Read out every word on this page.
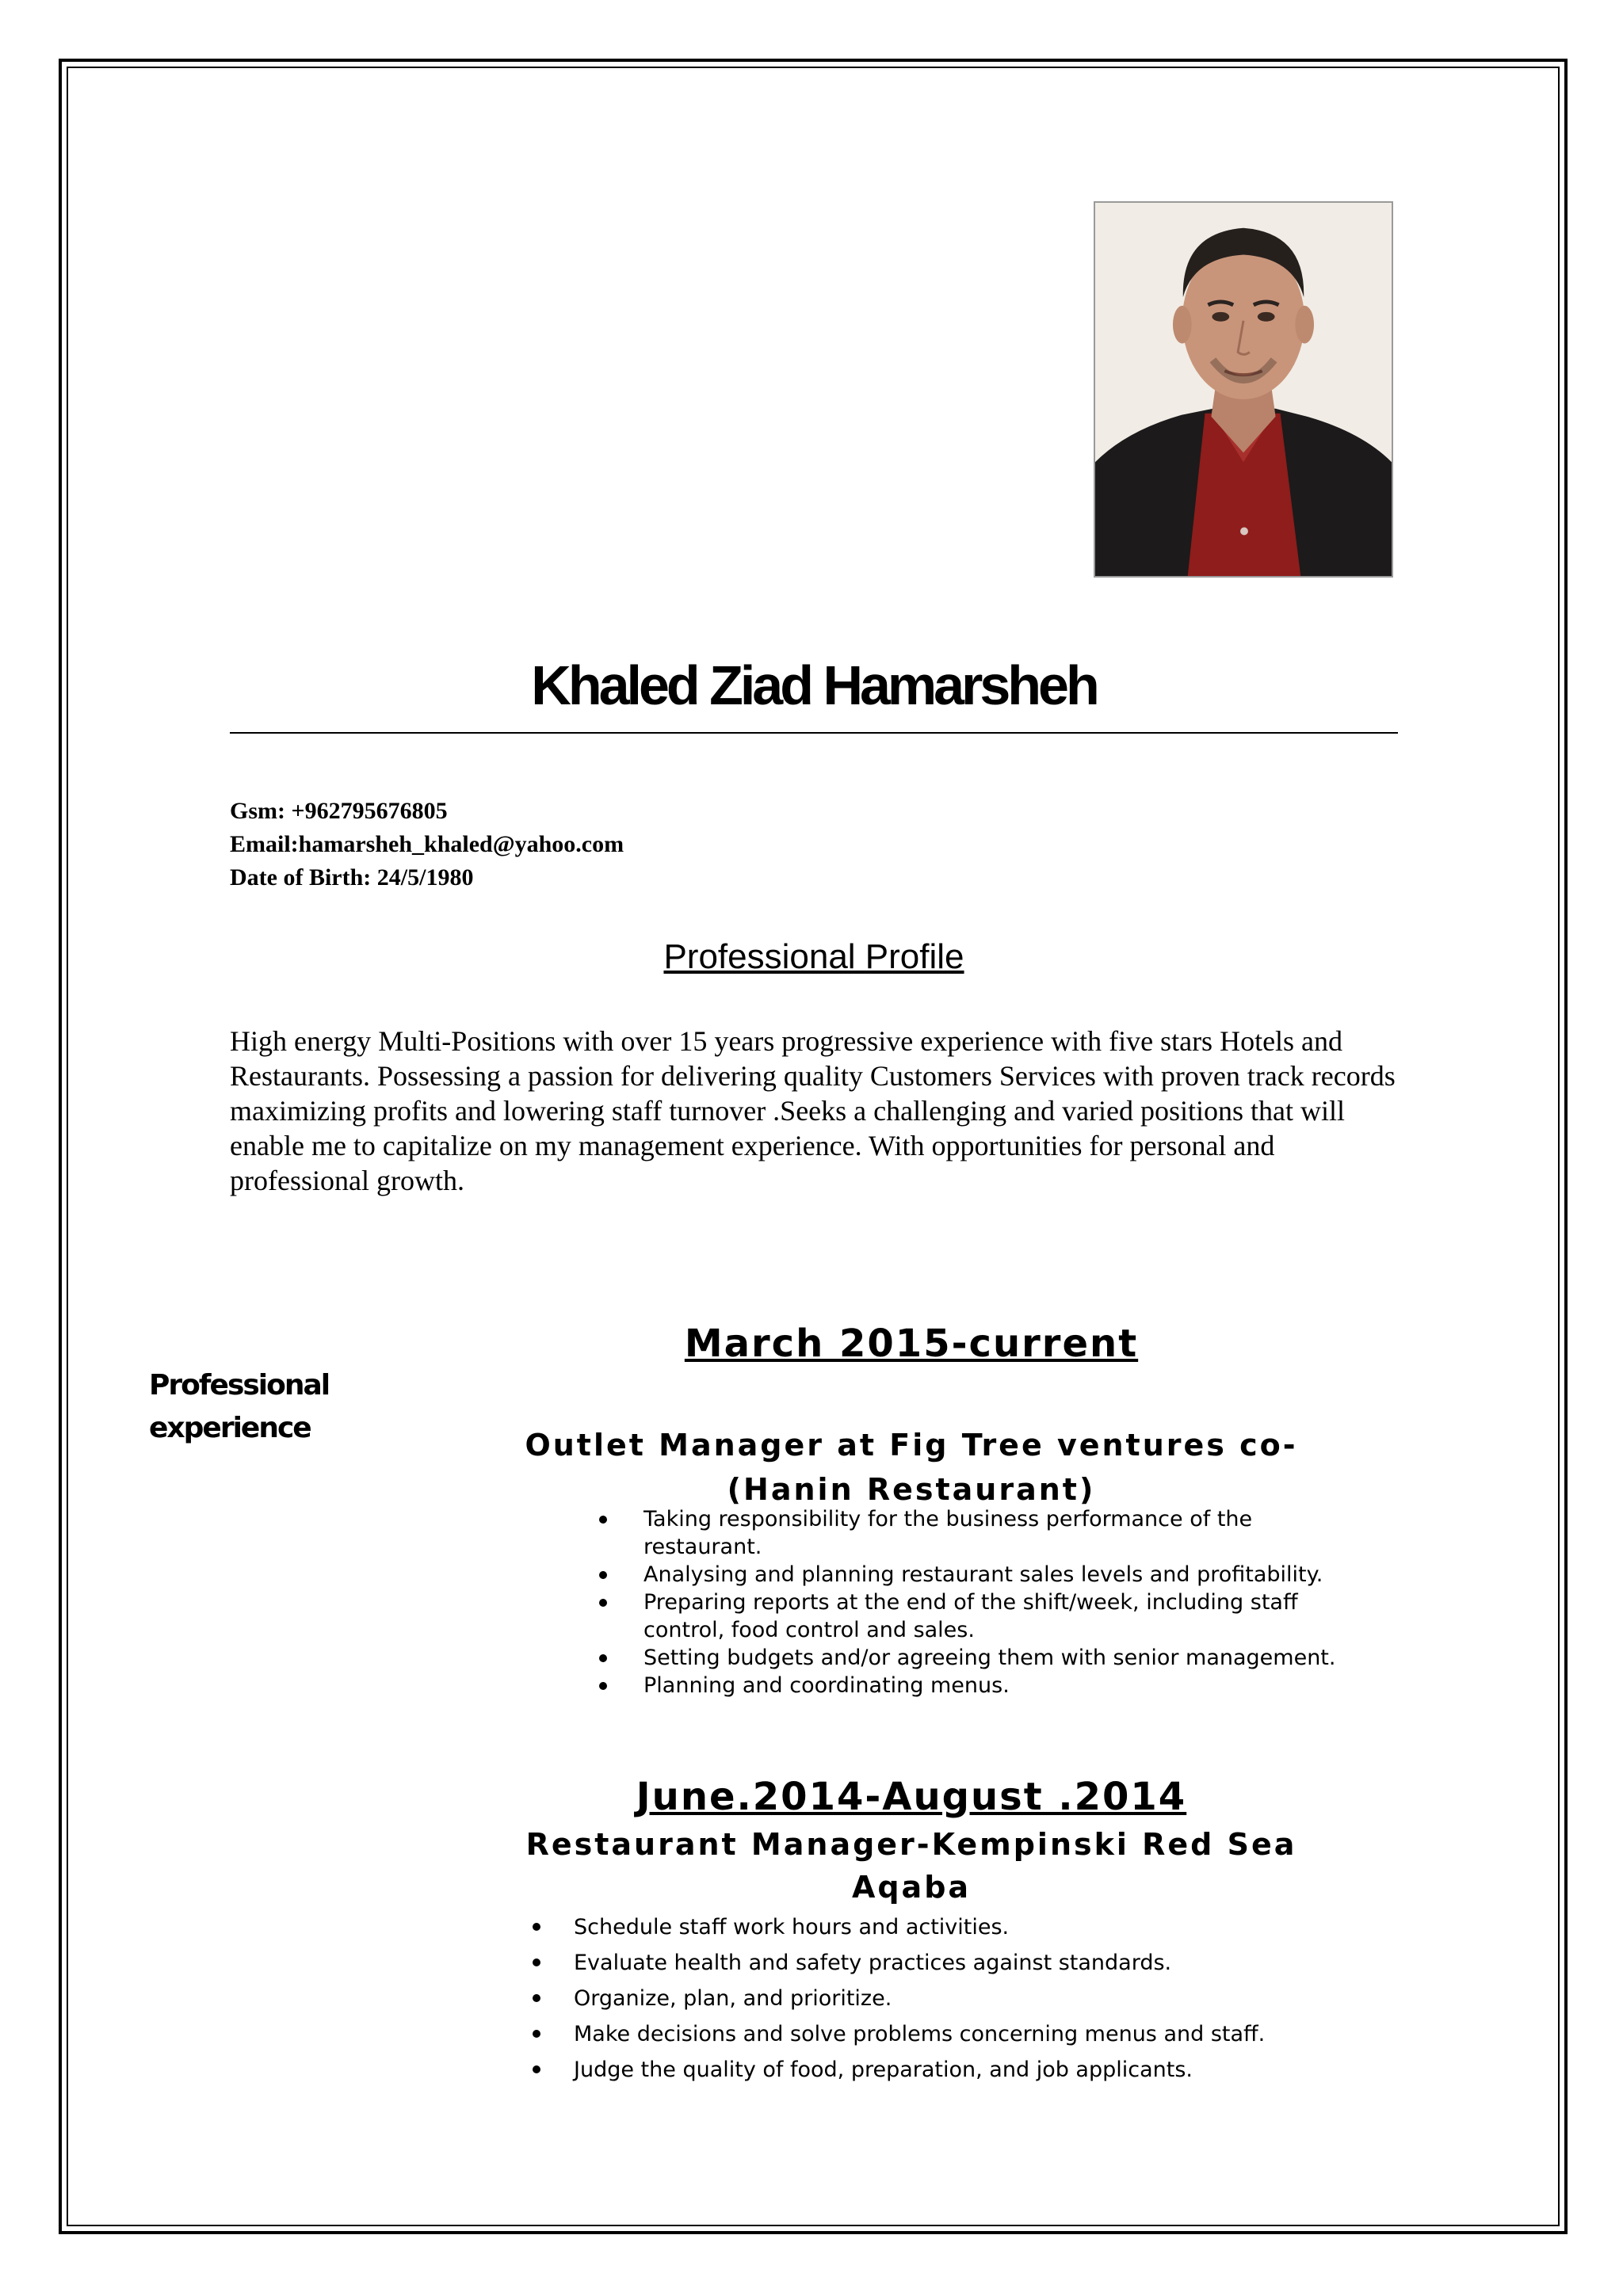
Khaled Ziad Hamarsheh
Gsm: +962795676805
Email:hamarsheh_khaled@yahoo.com
Date of Birth: 24/5/1980
Professional Profile

High energy Multi-Positions with over 15 years progressive experience with five stars Hotels and Restaurants. Possessing a passion for delivering quality Customers Services with proven track records maximizing profits and lowering staff turnover .Seeks a challenging and varied positions that will enable me to capitalize on my management experience. With opportunities for personal and professional growth.

Professional
experience
March 2015-current
Outlet Manager at Fig Tree ventures co-
(Hanin Restaurant)
Taking responsibility for the business performance of the restaurant.
Analysing and planning restaurant sales levels and profitability.
Preparing reports at the end of the shift/week, including staff control, food control and sales.
Setting budgets and/or agreeing them with senior management.
Planning and coordinating menus.
June.2014-August .2014
Restaurant Manager-Kempinski Red Sea
Aqaba
Schedule staff work hours and activities.
Evaluate health and safety practices against standards.
Organize, plan, and prioritize.
Make decisions and solve problems concerning menus and staff.
Judge the quality of food, preparation, and job applicants.
